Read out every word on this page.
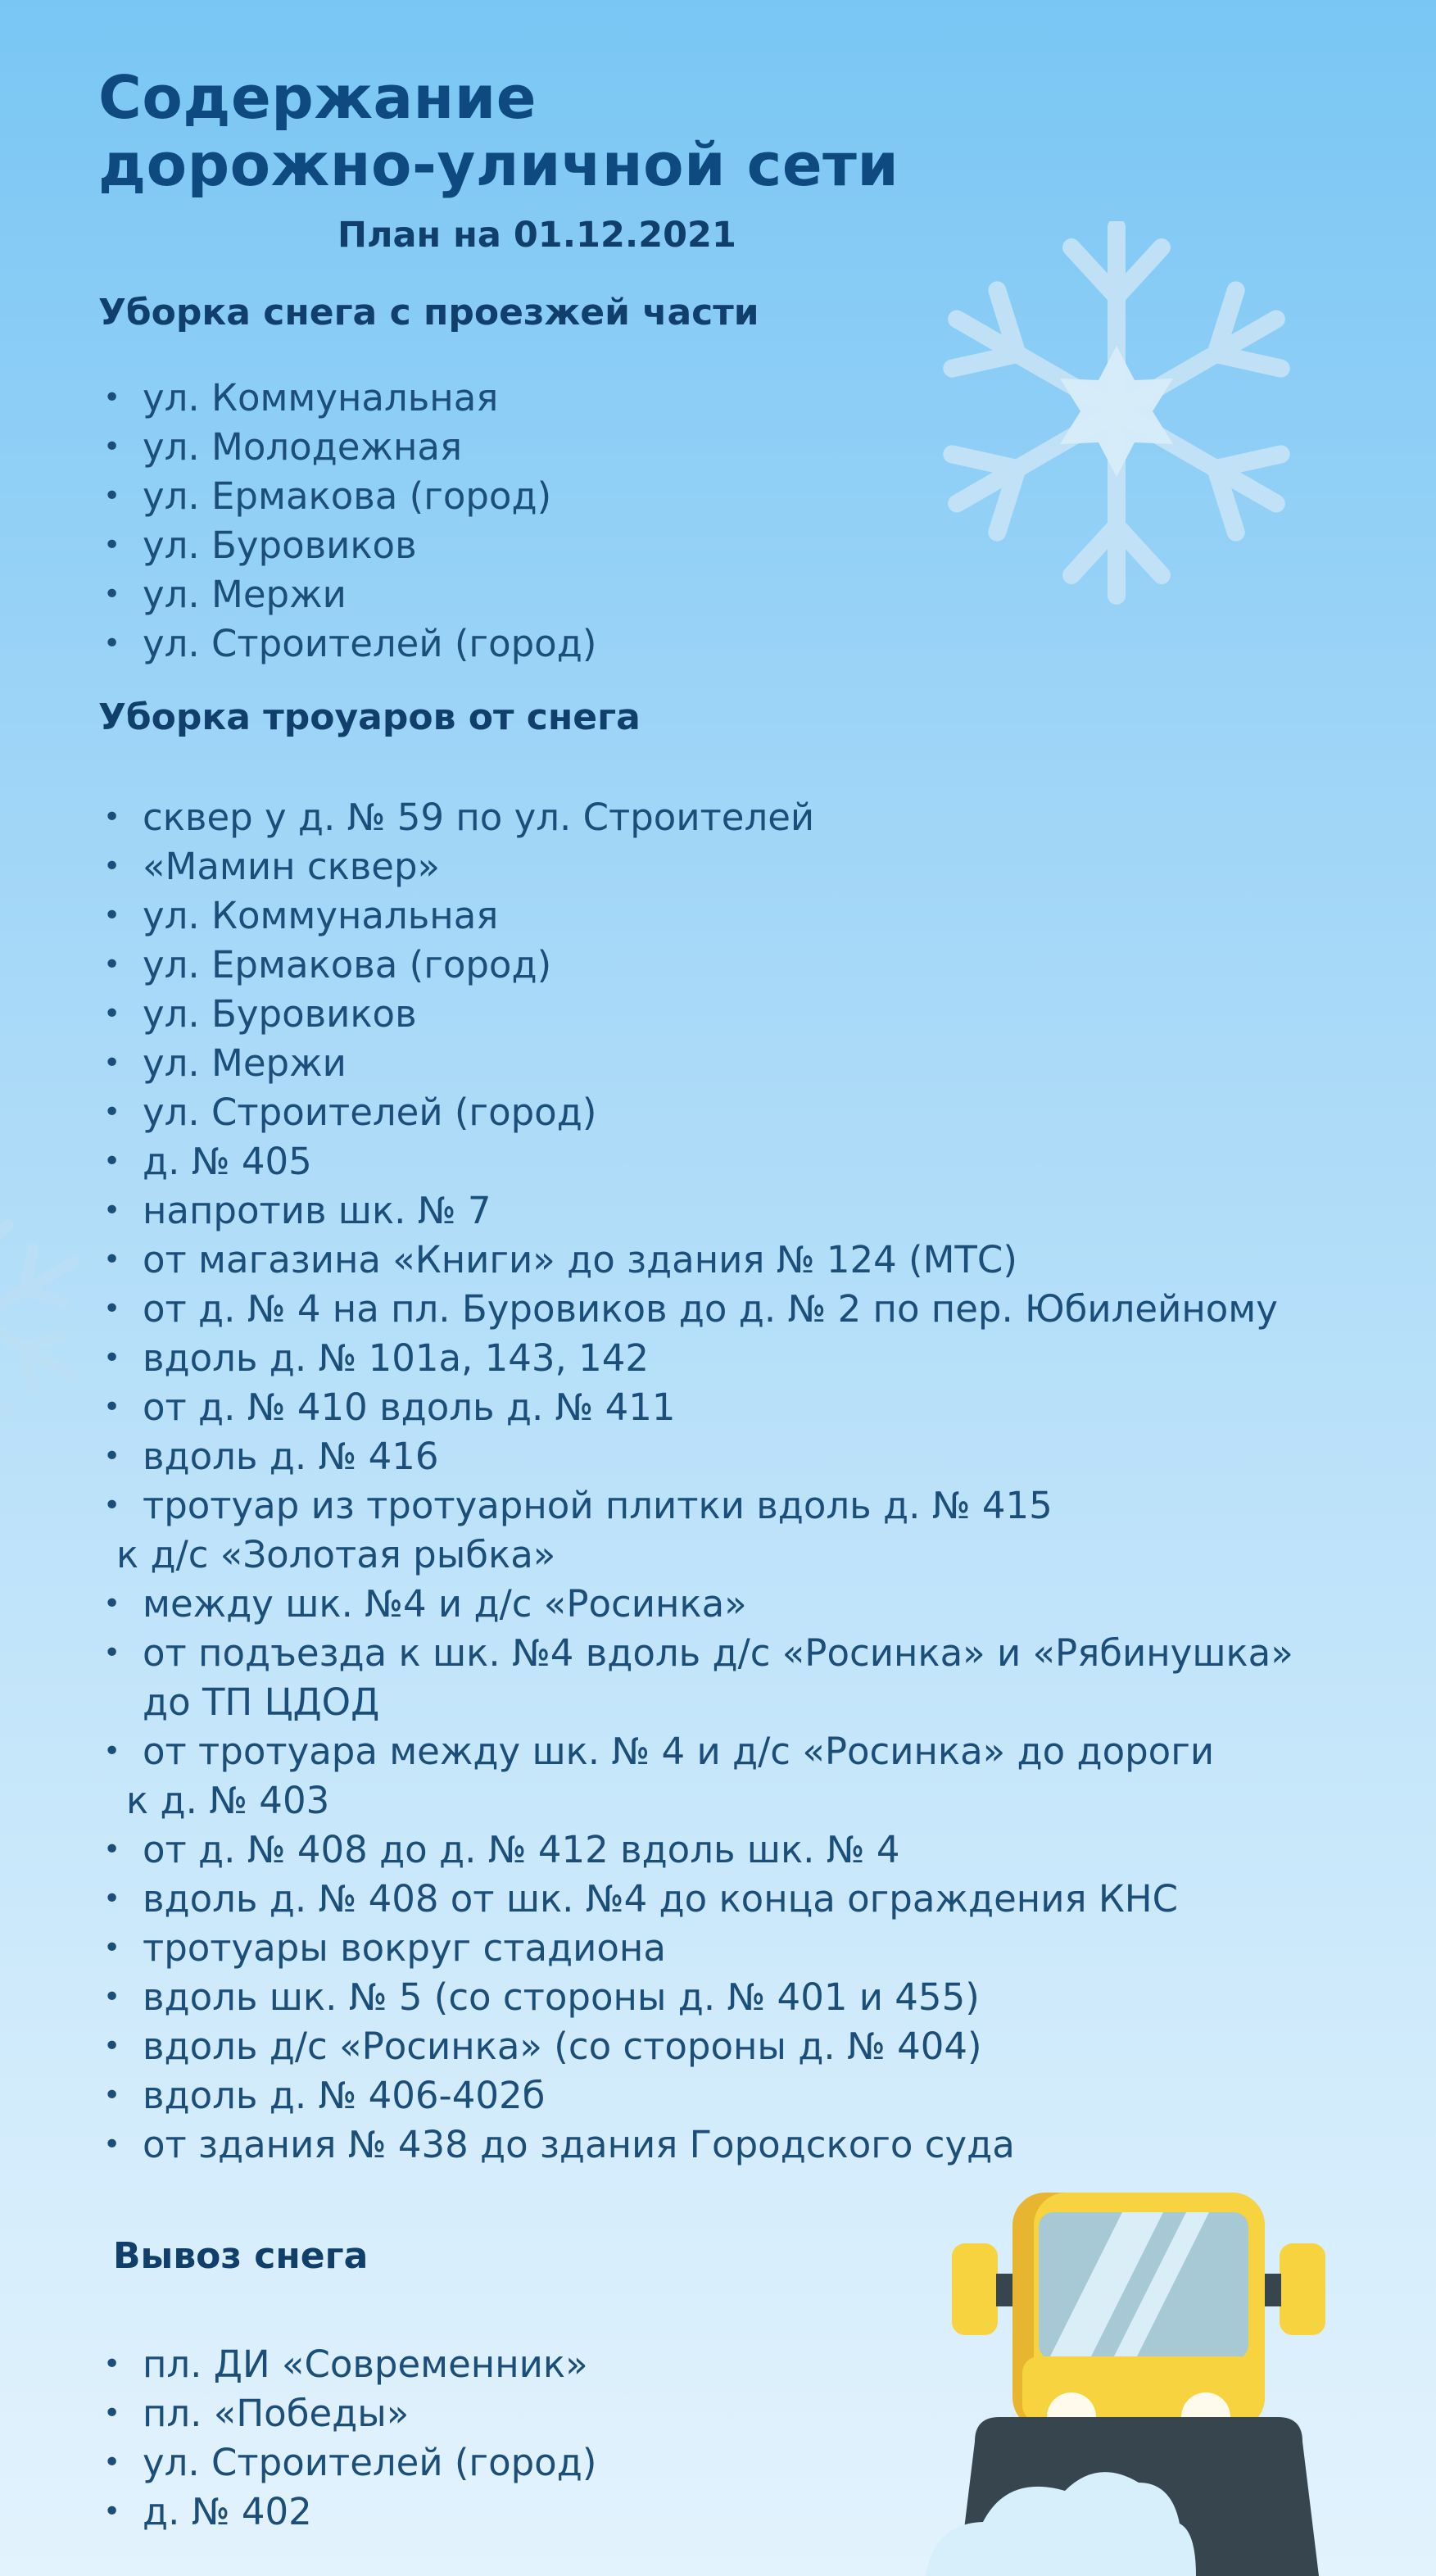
Содержание
дорожно-уличной сети
План на 01.12.2021
Уборка снега с проезжей части
• ул. Коммунальная
• ул. Молодежная
• ул. Ермакова (город)
• ул. Буровиков
• ул. Мержи
• ул. Строителей (город)
Уборка троуаров от снега
• сквер у д. № 59 по ул. Строителей
• «Мамин сквер»
• ул. Коммунальная
• ул. Ермакова (город)
• ул. Буровиков
• ул. Мержи
• ул. Строителей (город)
• д. № 405
• напротив шк. № 7
• от магазина «Книги» до здания № 124 (МТС)
• от д. № 4 на пл. Буровиков до д. № 2 по пер. Юбилейному
• вдоль д. № 101а, 143, 142
• от д. № 410 вдоль д. № 411
• вдоль д. № 416
• тротуар из тротуарной плитки вдоль д. № 415
к д/с «Золотая рыбка»
• между шк. №4 и д/с «Росинка»
• от подъезда к шк. №4 вдоль д/с «Росинка» и «Рябинушка»
до ТП ЦДОД
• от тротуара между шк. № 4 и д/с «Росинка» до дороги
к д. № 403
• от д. № 408 до д. № 412 вдоль шк. № 4
• вдоль д. № 408 от шк. №4 до конца ограждения КНС
• тротуары вокруг стадиона
• вдоль шк. № 5 (со стороны д. № 401 и 455)
• вдоль д/с «Росинка» (со стороны д. № 404)
• вдоль д. № 406-402б
• от здания № 438 до здания Городского суда
Вывоз снега
• пл. ДИ «Современник»
• пл. «Победы»
• ул. Строителей (город)
• д. № 402
